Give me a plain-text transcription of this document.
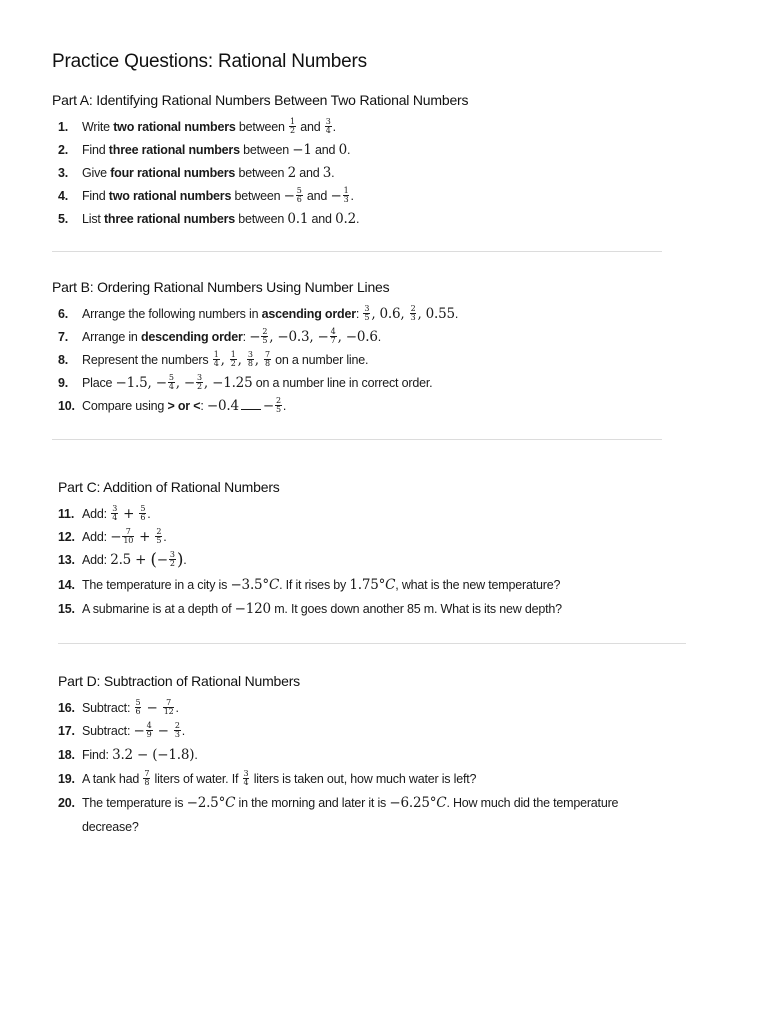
Practice Questions: Rational Numbers
Part A: Identifying Rational Numbers Between Two Rational Numbers
1. Write two rational numbers between $\frac{1}{2}$ and $\frac{3}{4}$ .
2. Find three rational numbers between −1 and 0.
3. Give four rational numbers between 2 and 3.
4. Find two rational numbers between − $\frac{5}{6}$ and − $\frac{1}{3}$ .
5. List three rational numbers between 0.1 and 0.2.
Part B: Ordering Rational Numbers Using Number Lines
6. Arrange the following numbers in ascending order: $\frac{3}{5}$ , 0.6, $\frac{2}{3}$ , 0.55.
7. Arrange in descending order: − $\frac{2}{5}$ , −0.3, − $\frac{4}{7}$ , −0.6.
8. Represent the numbers $\frac{1}{4}$ , $\frac{1}{2}$ , $\frac{3}{8}$ , $\frac{7}{8}$ on a number line.
9. Place −1.5, − $\frac{5}{4}$ , − $\frac{3}{2}$ , −1.25 on a number line in correct order.
10. Compare using > or <: $-0.4 - \frac{2}{5}$ .
Part C: Addition of Rational Numbers
11. Add: $\frac{3}{4} + \frac{5}{6}$ .
12. Add: − $\frac{7}{10} + \frac{2}{5}$ .
13. Add: 2.5 + (− $\frac{3}{2}$ ).
14. The temperature in a city is −3.5°C. If it rises by 1.75°C, what is the new temperature?
15. A submarine is at a depth of −120 m. It goes down another 85 m. What is its new depth?
Part D: Subtraction of Rational Numbers
16. Subtract: $\frac{5}{6} - \frac{7}{12}$ .
17. Subtract: − $\frac{4}{9} - \frac{2}{3}$ .
18. Find: 3.2 − (−1.8).
19. A tank had $\frac{7}{8}$ liters of water. If $\frac{3}{4}$ liters is taken out, how much water is left?
20. The temperature is −2.5°C in the morning and later it is −6.25°C. How much did the temperature
decrease?
